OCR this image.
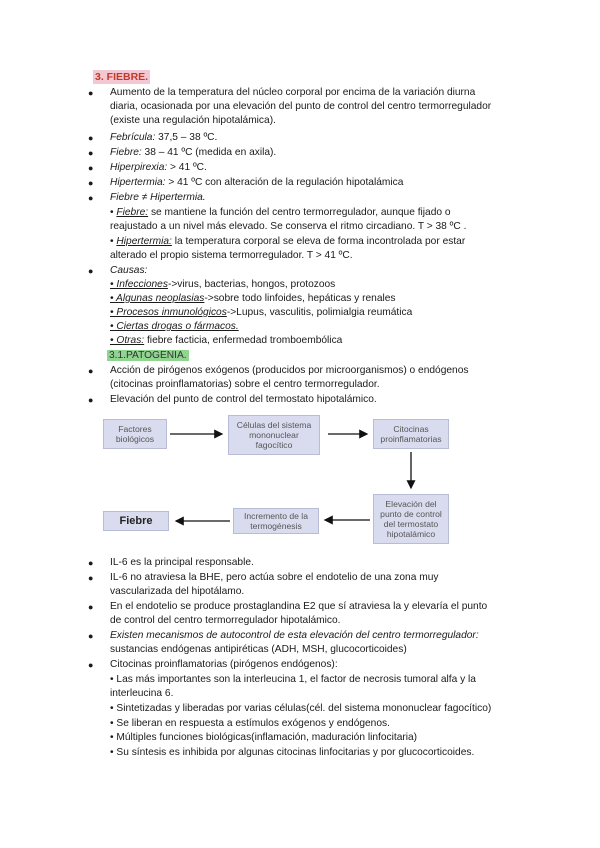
3. FIEBRE.
● Aumento de la temperatura del núcleo corporal por encima de la variación diurna
diaria, ocasionada por una elevación del punto de control del centro termorregulador
(existe una regulación hipotalámica).
● Febrícula: 37,5 – 38 ºC.
● Fiebre: 38 – 41 ºC (medida en axila).
● Hiperpirexia: > 41 ºC.
● Hipertermia: > 41 ºC con alteración de la regulación hipotalámica
● Fiebre ≠ Hipertermia.
• Fiebre: se mantiene la función del centro termorregulador, aunque fijado o
reajustado a un nivel más elevado. Se conserva el ritmo circadiano. T > 38 ºC .
• Hipertermia: la temperatura corporal se eleva de forma incontrolada por estar
alterado el propio sistema termorregulador. T > 41 ºC.
● Causas:
• Infecciones->virus, bacterias, hongos, protozoos
• Algunas neoplasias->sobre todo linfoides, hepáticas y renales
• Procesos inmunológicos->Lupus, vasculitis, polimialgia reumática
• Ciertas drogas o fármacos.
• Otras: fiebre facticia, enfermedad tromboembólica
3.1.PATOGENIA.
● Acción de pirógenos exógenos (producidos por microorganismos) o endógenos
(citocinas proinflamatorias) sobre el centro termorregulador.
● Elevación del punto de control del termostato hipotalámico.
Factores
biológicos
Células del sistema
mononuclear
fagocítico
Citocinas
proinflamatorias
Elevación del
punto de control
del termostato
hipotalámico
Incremento de la
termogénesis
Fiebre
● IL-6 es la principal responsable.
● IL-6 no atraviesa la BHE, pero actúa sobre el endotelio de una zona muy
vascularizada del hipotálamo.
● En el endotelio se produce prostaglandina E2 que sí atraviesa la y elevaría el punto
de control del centro termorregulador hipotalámico.
● Existen mecanismos de autocontrol de esta elevación del centro termorregulador:
sustancias endógenas antipiréticas (ADH, MSH, glucocorticoides)
● Citocinas proinflamatorias (pirógenos endógenos):
• Las más importantes son la interleucina 1, el factor de necrosis tumoral alfa y la
interleucina 6.
• Sintetizadas y liberadas por varias células(cél. del sistema mononuclear fagocítico)
• Se liberan en respuesta a estímulos exógenos y endógenos.
• Múltiples funciones biológicas(inflamación, maduración linfocitaria)
• Su síntesis es inhibida por algunas citocinas linfocitarias y por glucocorticoides.
